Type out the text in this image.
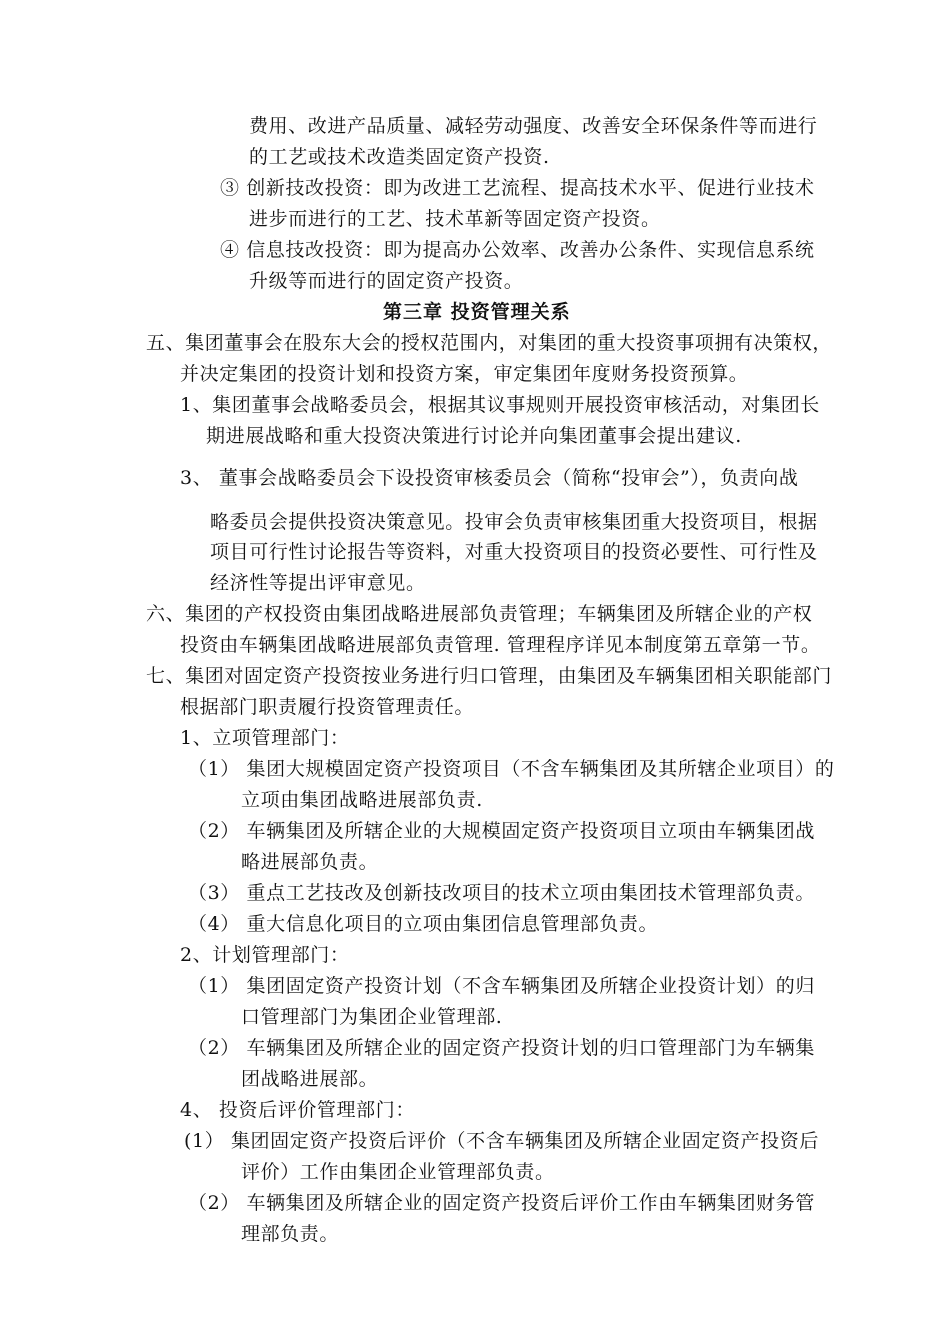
费用、改进产品质量、减轻劳动强度、改善安全环保条件等而进行
的工艺或技术改造类固定资产投资.
③ 创新技改投资：即为改进工艺流程、提高技术水平、促进行业技术
进步而进行的工艺、技术革新等固定资产投资。
④ 信息技改投资：即为提高办公效率、改善办公条件、实现信息系统
升级等而进行的固定资产投资。
第三章 投资管理关系
五、集团董事会在股东大会的授权范围内，对集团的重大投资事项拥有决策权，
并决定集团的投资计划和投资方案，审定集团年度财务投资预算。
1、集团董事会战略委员会，根据其议事规则开展投资审核活动，对集团长
期进展战略和重大投资决策进行讨论并向集团董事会提出建议.
3、 董事会战略委员会下设投资审核委员会（简称“投审会”），负责向战
略委员会提供投资决策意见。投审会负责审核集团重大投资项目，根据
项目可行性讨论报告等资料，对重大投资项目的投资必要性、可行性及
经济性等提出评审意见。
六、集团的产权投资由集团战略进展部负责管理；车辆集团及所辖企业的产权
投资由车辆集团战略进展部负责管理. 管理程序详见本制度第五章第一节。
七、集团对固定资产投资按业务进行归口管理，由集团及车辆集团相关职能部门
根据部门职责履行投资管理责任。
1、立项管理部门：
（1） 集团大规模固定资产投资项目（不含车辆集团及其所辖企业项目）的
立项由集团战略进展部负责.
（2） 车辆集团及所辖企业的大规模固定资产投资项目立项由车辆集团战
略进展部负责。
（3） 重点工艺技改及创新技改项目的技术立项由集团技术管理部负责。
（4） 重大信息化项目的立项由集团信息管理部负责。
2、计划管理部门：
（1） 集团固定资产投资计划（不含车辆集团及所辖企业投资计划）的归
口管理部门为集团企业管理部.
（2） 车辆集团及所辖企业的固定资产投资计划的归口管理部门为车辆集
团战略进展部。
4、 投资后评价管理部门：
(1） 集团固定资产投资后评价（不含车辆集团及所辖企业固定资产投资后
评价）工作由集团企业管理部负责。
（2） 车辆集团及所辖企业的固定资产投资后评价工作由车辆集团财务管
理部负责。
